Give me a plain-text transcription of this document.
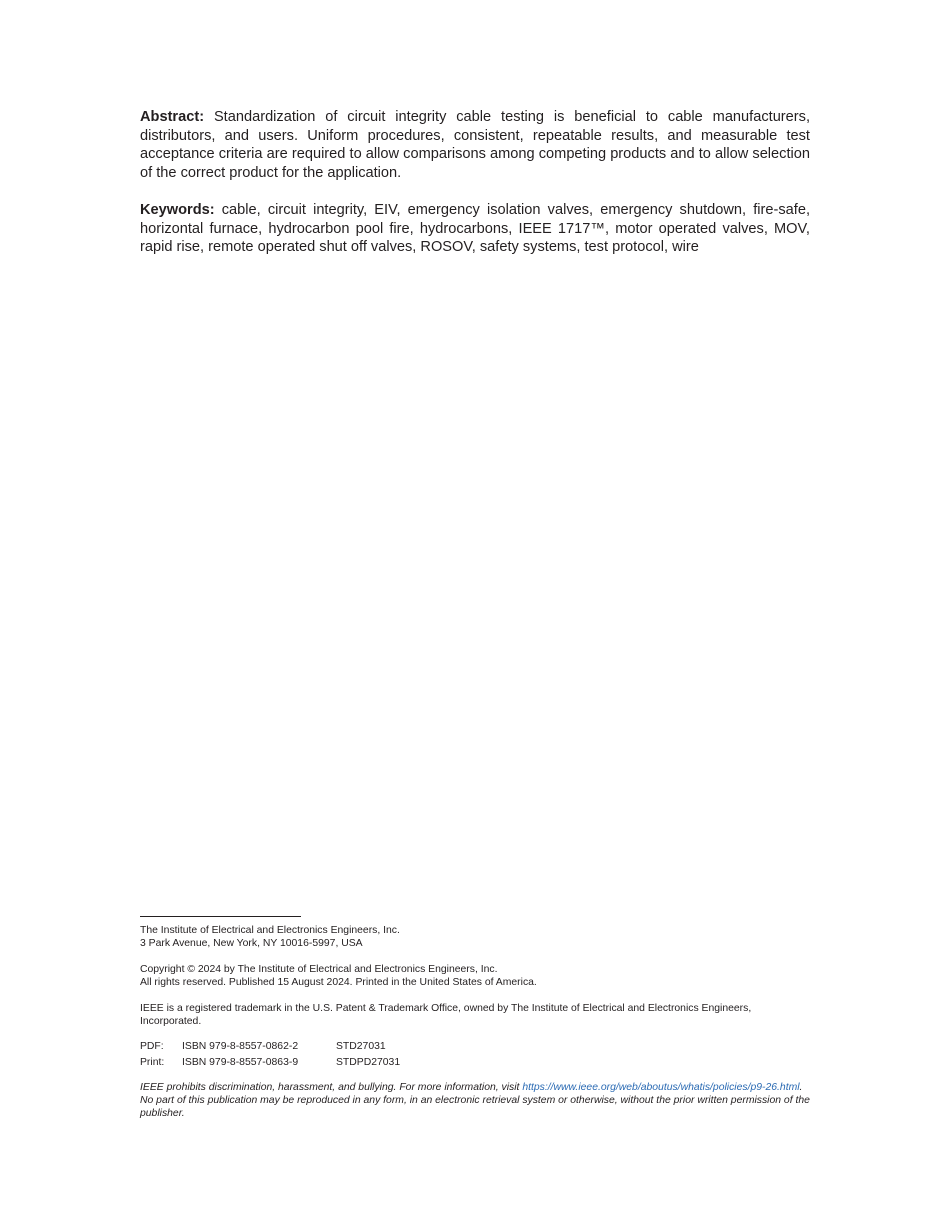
Abstract: Standardization of circuit integrity cable testing is beneficial to cable manufacturers, distributors, and users. Uniform procedures, consistent, repeatable results, and measurable test acceptance criteria are required to allow comparisons among competing products and to allow selection of the correct product for the application.

Keywords: cable, circuit integrity, EIV, emergency isolation valves, emergency shutdown, fire-safe, horizontal furnace, hydrocarbon pool fire, hydrocarbons, IEEE 1717™, motor operated valves, MOV, rapid rise, remote operated shut off valves, ROSOV, safety systems, test protocol, wire

The Institute of Electrical and Electronics Engineers, Inc.
3 Park Avenue, New York, NY 10016-5997, USA

Copyright © 2024 by The Institute of Electrical and Electronics Engineers, Inc.
All rights reserved. Published 15 August 2024. Printed in the United States of America.

IEEE is a registered trademark in the U.S. Patent & Trademark Office, owned by The Institute of Electrical and Electronics Engineers, Incorporated.

PDF: ISBN 979-8-8557-0862-2	STD27031
Print: ISBN 979-8-8557-0863-9	STDPD27031

IEEE prohibits discrimination, harassment, and bullying. For more information, visit https://www.ieee.org/web/aboutus/whatis/policies/p9-26.html. No part of this publication may be reproduced in any form, in an electronic retrieval system or otherwise, without the prior written permission of the publisher.
